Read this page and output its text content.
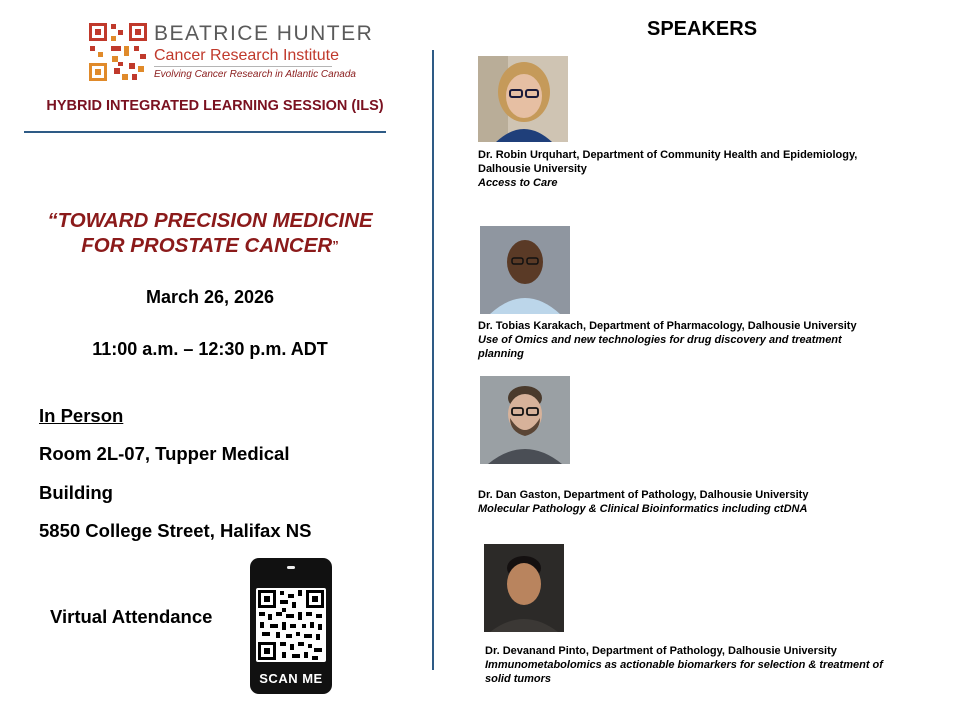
BEATRICE HUNTER
Cancer Research Institute
Evolving Cancer Research in Atlantic Canada
HYBRID INTEGRATED LEARNING SESSION (ILS)
“TOWARD PRECISION MEDICINE
FOR PROSTATE CANCER”
March 26, 2026
11:00 a.m. – 12:30 p.m. ADT
In Person
Room 2L-07, Tupper Medical
Building
5850 College Street, Halifax NS
Virtual Attendance
SCAN ME
SPEAKERS
Dr. Robin Urquhart, Department of Community Health and Epidemiology,
Dalhousie University
Access to Care
Dr. Tobias Karakach, Department of Pharmacology, Dalhousie University
Use of Omics and new technologies for drug discovery and treatment
planning
Dr. Dan Gaston, Department of Pathology, Dalhousie University
Molecular Pathology & Clinical Bioinformatics including ctDNA
Dr. Devanand Pinto, Department of Pathology, Dalhousie University
Immunometabolomics as actionable biomarkers for selection & treatment of
solid tumors
